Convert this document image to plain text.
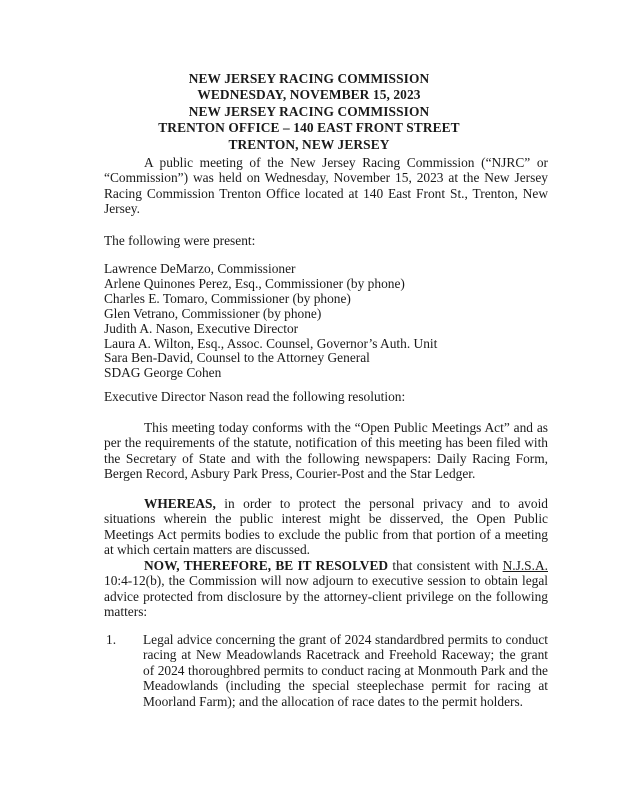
NEW JERSEY RACING COMMISSION
WEDNESDAY, NOVEMBER 15, 2023
NEW JERSEY RACING COMMISSION
TRENTON OFFICE – 140 EAST FRONT STREET
TRENTON, NEW JERSEY
A public meeting of the New Jersey Racing Commission (“NJRC” or “Commission”) was held on Wednesday, November 15, 2023 at the New Jersey Racing Commission Trenton Office located at 140 East Front St., Trenton, New Jersey.
The following were present:
Lawrence DeMarzo, Commissioner
Arlene Quinones Perez, Esq., Commissioner (by phone)
Charles E. Tomaro, Commissioner (by phone)
Glen Vetrano, Commissioner (by phone)
Judith A. Nason, Executive Director
Laura A. Wilton, Esq., Assoc. Counsel, Governor’s Auth. Unit
Sara Ben-David, Counsel to the Attorney General
SDAG George Cohen
Executive Director Nason read the following resolution:
This meeting today conforms with the “Open Public Meetings Act” and as per the requirements of the statute, notification of this meeting has been filed with the Secretary of State and with the following newspapers: Daily Racing Form, Bergen Record, Asbury Park Press, Courier-Post and the Star Ledger.
WHEREAS, in order to protect the personal privacy and to avoid situations wherein the public interest might be disserved, the Open Public Meetings Act permits bodies to exclude the public from that portion of a meeting at which certain matters are discussed.
NOW, THEREFORE, BE IT RESOLVED that consistent with N.J.S.A. 10:4-12(b), the Commission will now adjourn to executive session to obtain legal advice protected from disclosure by the attorney-client privilege on the following matters:
1. Legal advice concerning the grant of 2024 standardbred permits to conduct racing at New Meadowlands Racetrack and Freehold Raceway; the grant of 2024 thoroughbred permits to conduct racing at Monmouth Park and the Meadowlands (including the special steeplechase permit for racing at Moorland Farm); and the allocation of race dates to the permit holders.
